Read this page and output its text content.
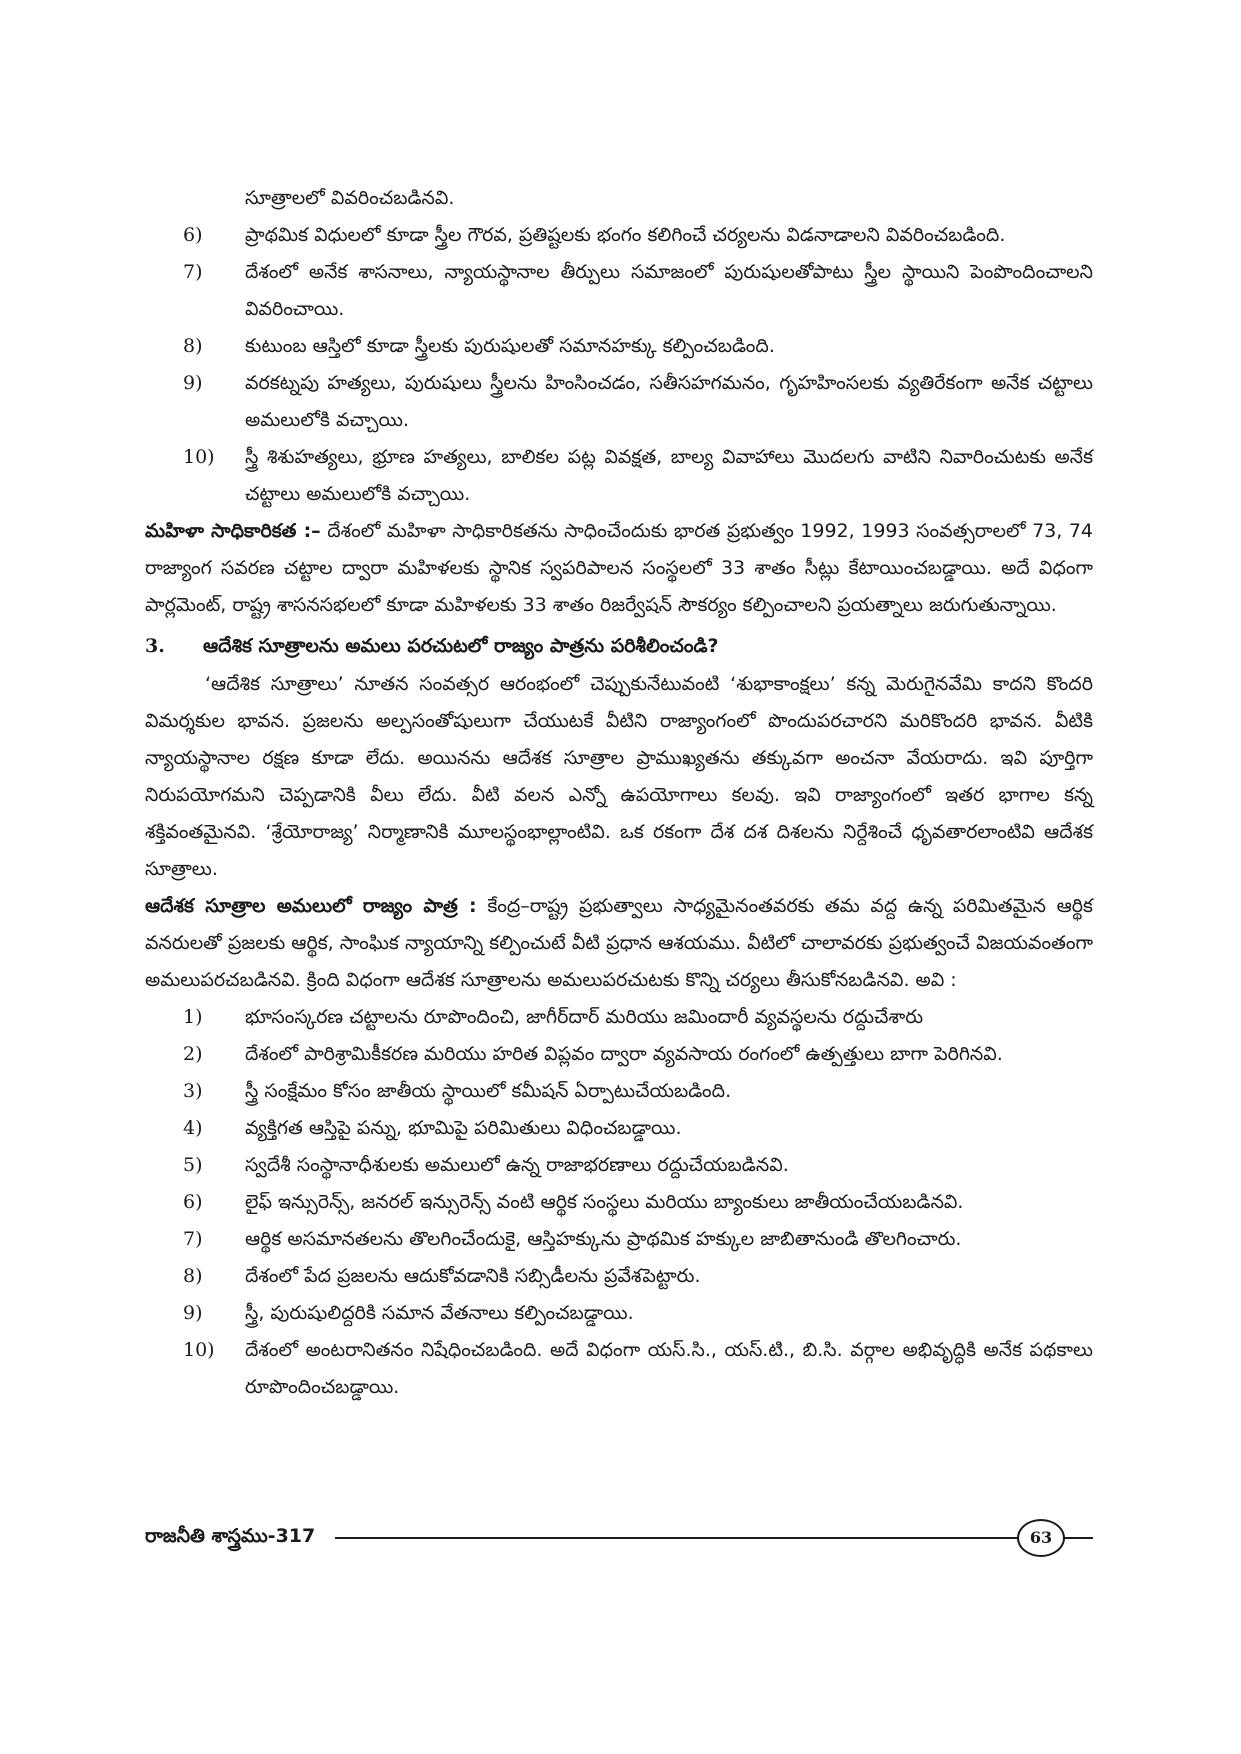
సూత్రాలలో వివరించబడినవి.

6)	ప్రాథమిక విధులలో కూడా స్త్రీల గౌరవ, ప్రతిష్టలకు భంగం కలిగించే చర్యలను విడనాడాలని వివరించబడింది.
7)	దేశంలో అనేక శాసనాలు, న్యాయస్థానాల తీర్పులు సమాజంలో పురుషులతోపాటు స్త్రీల స్థాయిని పెంపొందించాలని వివరించాయి.
8)	కుటుంబ ఆస్తిలో కూడా స్త్రీలకు పురుషులతో సమానహక్కు కల్పించబడింది.
9)	వరకట్నపు హత్యలు, పురుషులు స్త్రీలను హింసించడం, సతీసహగమనం, గృహహింసలకు వ్యతిరేకంగా అనేక చట్టాలు అమలులోకి వచ్చాయి.
10)	స్త్రీ శిశుహత్యలు, భ్రూణ హత్యలు, బాలికల పట్ల వివక్షత, బాల్య వివాహాలు మొదలగు వాటిని నివారించుటకు అనేక చట్టాలు అమలులోకి వచ్చాయి.

మహిళా సాధికారికత :– దేశంలో మహిళా సాధికారికతను సాధించేందుకు భారత ప్రభుత్వం 1992, 1993 సంవత్సరాలలో 73, 74 రాజ్యాంగ సవరణ చట్టాల ద్వారా మహిళలకు స్థానిక స్వపరిపాలన సంస్థలలో 33 శాతం సీట్లు కేటాయించబడ్డాయి. అదే విధంగా పార్లమెంట్, రాష్ట్ర శాసనసభలలో కూడా మహిళలకు 33 శాతం రిజర్వేషన్ సౌకర్యం కల్పించాలని ప్రయత్నాలు జరుగుతున్నాయి.

3.	ఆదేశిక సూత్రాలను అమలు పరచుటలో రాజ్యం పాత్రను పరిశీలించండి?

‘ఆదేశిక సూత్రాలు’ నూతన సంవత్సర ఆరంభంలో చెప్పుకునేటువంటి ‘శుభాకాంక్షలు’ కన్న మెరుగైనవేమి కాదని కొందరి విమర్శకుల భావన. ప్రజలను అల్పసంతోషులుగా చేయుటకే వీటిని రాజ్యాంగంలో పొందుపరచారని మరికొందరి భావన. వీటికి న్యాయస్థానాల రక్షణ కూడా లేదు. అయినను ఆదేశక సూత్రాల ప్రాముఖ్యతను తక్కువగా అంచనా వేయరాదు. ఇవి పూర్తిగా నిరుపయోగమని చెప్పడానికి వీలు లేదు. వీటి వలన ఎన్నో ఉపయోగాలు కలవు. ఇవి రాజ్యాంగంలో ఇతర భాగాల కన్న శక్తివంతమైనవి. ‘శ్రేయోరాజ్య’ నిర్మాణానికి మూలస్థంభాల్లాంటివి. ఒక రకంగా దేశ దశ దిశలను నిర్దేశించే ధృవతారలాంటివి ఆదేశక సూత్రాలు.

ఆదేశక సూత్రాల అమలులో రాజ్యం పాత్ర : కేంద్ర–రాష్ట్ర ప్రభుత్వాలు సాధ్యమైనంతవరకు తమ వద్ద ఉన్న పరిమితమైన ఆర్థిక వనరులతో ప్రజలకు ఆర్థిక, సాంఘిక న్యాయాన్ని కల్పించుటే వీటి ప్రధాన ఆశయము. వీటిలో చాలావరకు ప్రభుత్వంచే విజయవంతంగా అమలుపరచబడినవి. క్రింది విధంగా ఆదేశక సూత్రాలను అమలుపరచుటకు కొన్ని చర్యలు తీసుకోనబడినవి. అవి :

1)	భూసంస్కరణ చట్టాలను రూపొందించి, జాగీర్‌దార్ మరియు జమిందారీ వ్యవస్థలను రద్దుచేశారు
2)	దేశంలో పారిశ్రామికీకరణ మరియు హరిత విప్లవం ద్వారా వ్యవసాయ రంగంలో ఉత్పత్తులు బాగా పెరిగినవి.
3)	స్త్రీ సంక్షేమం కోసం జాతీయ స్థాయిలో కమీషన్ ఏర్పాటుచేయబడింది.
4)	వ్యక్తిగత ఆస్తిపై పన్ను, భూమిపై పరిమితులు విధించబడ్డాయి.
5)	స్వదేశీ సంస్థానాధీశులకు అమలులో ఉన్న రాజాభరణాలు రద్దుచేయబడినవి.
6)	లైఫ్ ఇన్సురెన్స్, జనరల్ ఇన్సురెన్స్ వంటి ఆర్థిక సంస్థలు మరియు బ్యాంకులు జాతీయంచేయబడినవి.
7)	ఆర్థిక అసమానతలను తొలగించేందుకై, ఆస్తిహక్కును ప్రాథమిక హక్కుల జాబితానుండి తొలగించారు.
8)	దేశంలో పేద ప్రజలను ఆదుకోవడానికి సబ్సిడీలను ప్రవేశపెట్టారు.
9)	స్త్రీ, పురుషులిద్దరికి సమాన వేతనాలు కల్పించబడ్డాయి.
10)	దేశంలో అంటరానితనం నిషేధించబడింది. అదే విధంగా యస్.సి., యస్.టి., బి.సి. వర్గాల అభివృద్ధికి అనేక పథకాలు రూపొందించబడ్డాయి.
రాజనీతి శాస్త్రము-317	63
